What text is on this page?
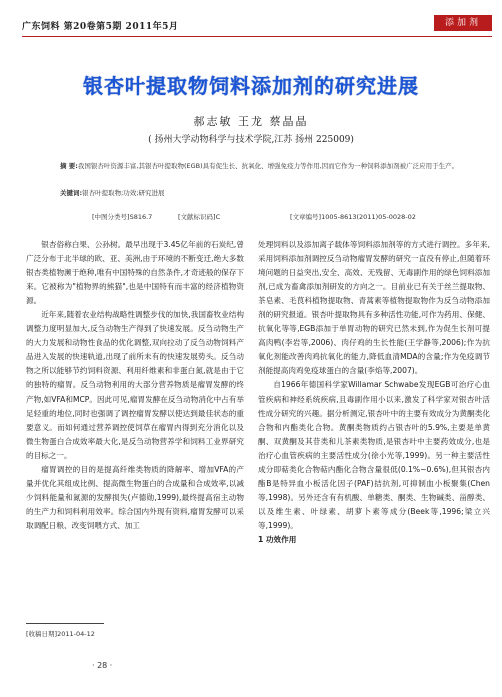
广东饲料 第20卷第5期 2011年5月	添加剂
银杏叶提取物饲料添加剂的研究进展
郝志敏 王龙 蔡晶晶
( 扬州大学动物科学与技术学院,江苏 扬州 225009)
摘 要:我国银杏叶资源丰富,其银杏叶提取物(EGB)具有促生长、抗氧化、增强免疫力等作用,因而它作为一种饲料添加剂被广泛应用于生产。
关键词:银杏叶提取物;功效;研究进展
[中图分类号]S816.7	[文献标识码]C	[文章编号]1005-8613(2011)05-0028-02

银杏俗称白果、公孙树。最早出现于3.45亿年前的石炭纪,曾广泛分布于北半球的欧、亚、美洲,由于环境的不断变迁,绝大多数银杏类植物濒于绝种,唯有中国特殊的自然条件,才奇迹般的保存下来。它被称为"植物界的熊猫",也是中国特有而丰富的经济植物资源。

近年来,随着农业结构战略性调整步伐的加快,我国畜牧业结构调整力度明显加大,反刍动物生产得到了快速发展。反刍动物生产的大力发展和动物性食品的优化调整,双向拉动了反刍动物饲料产品进入发展的快速轨道,出现了前所未有的快速发展势头。反刍动物之所以能够节约饲料资源、利用纤维素和非蛋白氮,就是由于它的独特的瘤胃。反刍动物利用的大部分营养物质是瘤胃发酵的终产物,如VFA和MCP。因此可见,瘤胃发酵在反刍动物消化中占有举足轻重的地位,同时也强调了调控瘤胃发酵以使达到最佳状态的重要意义。而如何通过营养调控使饲草在瘤胃内得到充分消化以及微生物蛋白合成效率最大化,是反刍动物营养学和饲料工业界研究的目标之一。

瘤胃调控的目的是提高纤维类物质的降解率、增加VFA的产量并优化其组成比例、提高微生物蛋白的合成量和合成效率,以减少饲料能量和氮源的发酵损失(卢德勋,1999),最终提高宿主动物的生产力和饲料利用效率。综合国内外现有资料,瘤胃发酵可以采取调配日粮、改变饲喂方式、加工

处理饲料以及添加离子载体等饲料添加剂等的方式进行调控。多年来,采用饲料添加剂调控反刍动物瘤胃发酵的研究一直没有停止,但随着环境问题的日益突出,安全、高效、无残留、无毒副作用的绿色饲料添加剂,已成为畜禽添加剂研发的方向之一。目前业已有关于丝兰提取物、茶皂素、毛茛科植物提取物、青蒿素等植物提取物作为反刍动物添加剂的研究报道。银杏叶提取物具有多种活性功能,可作为药用、保健、抗氧化等等,EGB添加于单胃动物的研究已然未到,作为促生长剂可提高肉鸭(李岩等,2006)、肉仔鸡的生长性能(王学静等,2006);作为抗氧化剂能改善肉鸡抗氧化的能力,降低血清MDA的含量;作为免疫调节剂能提高肉鸡免疫球蛋白的含量(李焰等,2007)。

自1966年德国科学家Willamar Schwabe发现EGB可治疗心血管疾病和神经系统疾病,且毒副作用小以来,激发了科学家对银杏叶活性成分研究的兴趣。据分析测定,银杏叶中的主要有效成分为黄酮类化合物和内酯类化合物。黄酮类物质约占银杏叶的5.9%,主要是单黄酮、双黄酮及其苷类和儿茶素类物质,是银杏叶中主要药效成分,也是治疗心血管疾病的主要活性成分(徐小光等,1999)。另一种主要活性成分即萜类化合物萜内酯化合物含量很低(0.1%~0.6%),但其银杏内酯B是特异血小板活化因子(PAF)拮抗剂,可抑制血小板聚集(Chen等,1998)。另外还含有有机酸、单糖类、酮类、生物碱类、甾醇类、以及维生素、叶绿素、胡萝卜素等成分(Beek等,1996;梁立兴等,1999)。

1 功效作用

[收稿日期]2011-04-12
· 28 ·
